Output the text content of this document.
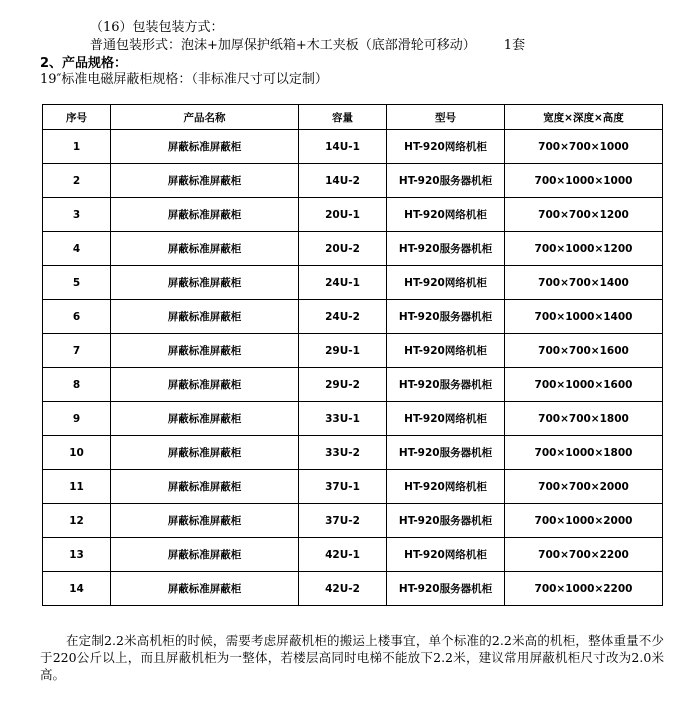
（16）包装包装方式：
普通包装形式：泡沫+加厚保护纸箱+木工夹板（底部滑轮可移动） 1套
2、产品规格：
19″标准电磁屏蔽柜规格：（非标准尺寸可以定制）
序号	产品名称	容量	型号	宽度×深度×高度
1	屏蔽标准屏蔽柜	14U-1	HT-920网络机柜	700×700×1000
2	屏蔽标准屏蔽柜	14U-2	HT-920服务器机柜	700×1000×1000
3	屏蔽标准屏蔽柜	20U-1	HT-920网络机柜	700×700×1200
4	屏蔽标准屏蔽柜	20U-2	HT-920服务器机柜	700×1000×1200
5	屏蔽标准屏蔽柜	24U-1	HT-920网络机柜	700×700×1400
6	屏蔽标准屏蔽柜	24U-2	HT-920服务器机柜	700×1000×1400
7	屏蔽标准屏蔽柜	29U-1	HT-920网络机柜	700×700×1600
8	屏蔽标准屏蔽柜	29U-2	HT-920服务器机柜	700×1000×1600
9	屏蔽标准屏蔽柜	33U-1	HT-920网络机柜	700×700×1800
10	屏蔽标准屏蔽柜	33U-2	HT-920服务器机柜	700×1000×1800
11	屏蔽标准屏蔽柜	37U-1	HT-920网络机柜	700×700×2000
12	屏蔽标准屏蔽柜	37U-2	HT-920服务器机柜	700×1000×2000
13	屏蔽标准屏蔽柜	42U-1	HT-920网络机柜	700×700×2200
14	屏蔽标准屏蔽柜	42U-2	HT-920服务器机柜	700×1000×2200
在定制2.2米高机柜的时候，需要考虑屏蔽机柜的搬运上楼事宜，单个标准的2.2米高的机柜，整体重量不少于220公斤以上，而且屏蔽机柜为一整体，若楼层高同时电梯不能放下2.2米，建议常用屏蔽机柜尺寸改为2.0米高。
